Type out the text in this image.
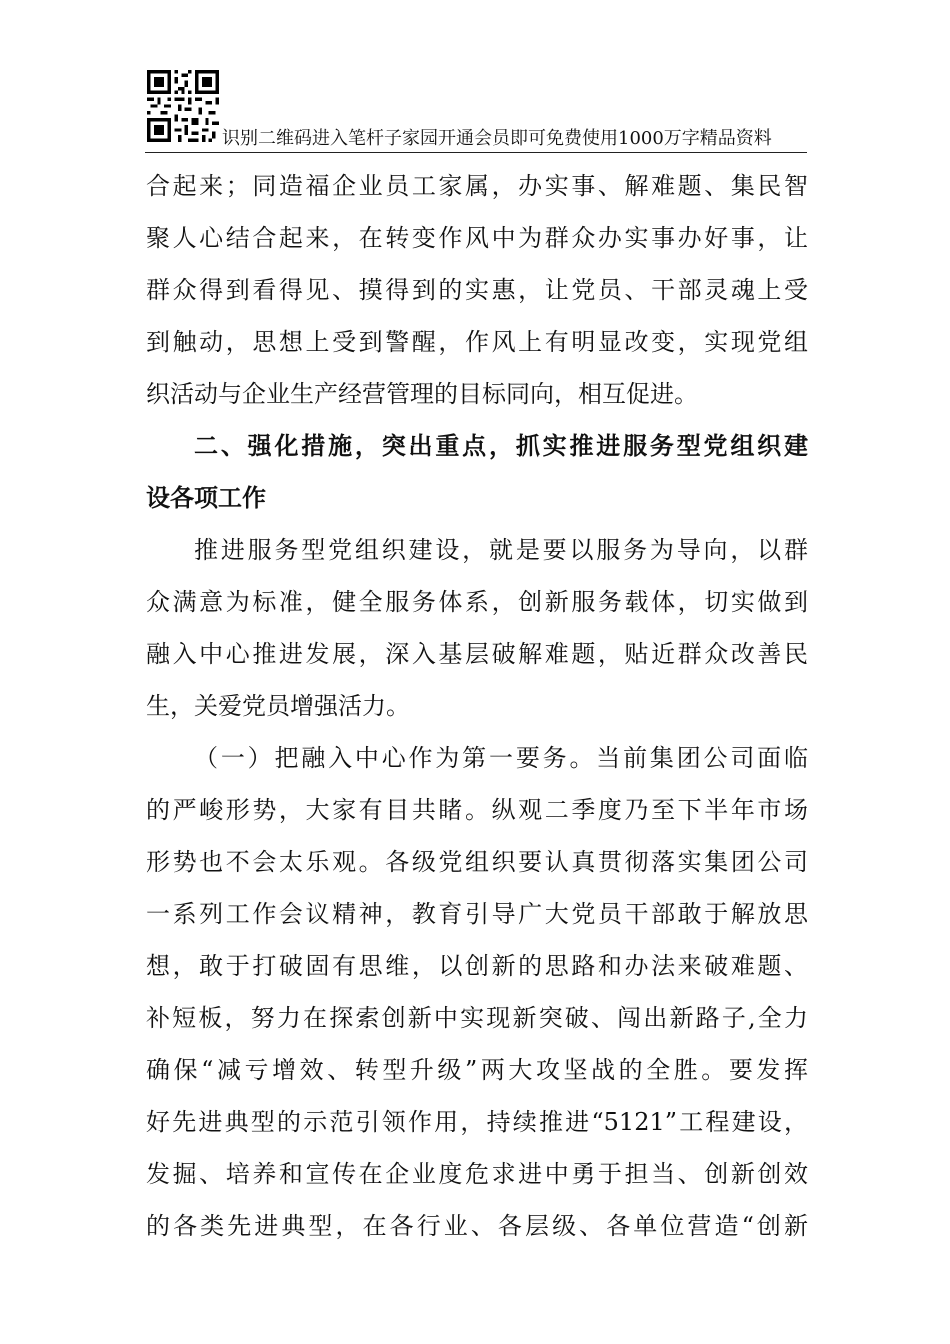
识别二维码进入笔杆子家园开通会员即可免费使用1000万字精品资料
合起来；同造福企业员工家属，办实事、解难题、集民智
聚人心结合起来，在转变作风中为群众办实事办好事，让
群众得到看得见、摸得到的实惠，让党员、干部灵魂上受
到触动，思想上受到警醒，作风上有明显改变，实现党组
织活动与企业生产经营管理的目标同向，相互促进。
二、强化措施，突出重点，抓实推进服务型党组织建
设各项工作
推进服务型党组织建设，就是要以服务为导向，以群
众满意为标准，健全服务体系，创新服务载体，切实做到
融入中心推进发展，深入基层破解难题，贴近群众改善民
生，关爱党员增强活力。
（一）把融入中心作为第一要务。当前集团公司面临
的严峻形势，大家有目共睹。纵观二季度乃至下半年市场
形势也不会太乐观。各级党组织要认真贯彻落实集团公司
一系列工作会议精神，教育引导广大党员干部敢于解放思
想，敢于打破固有思维，以创新的思路和办法来破难题、
补短板，努力在探索创新中实现新突破、闯出新路子,全力
确保“减亏增效、转型升级”两大攻坚战的全胜。要发挥
好先进典型的示范引领作用，持续推进“5121”工程建设，
发掘、培养和宣传在企业度危求进中勇于担当、创新创效
的各类先进典型，在各行业、各层级、各单位营造“创新
